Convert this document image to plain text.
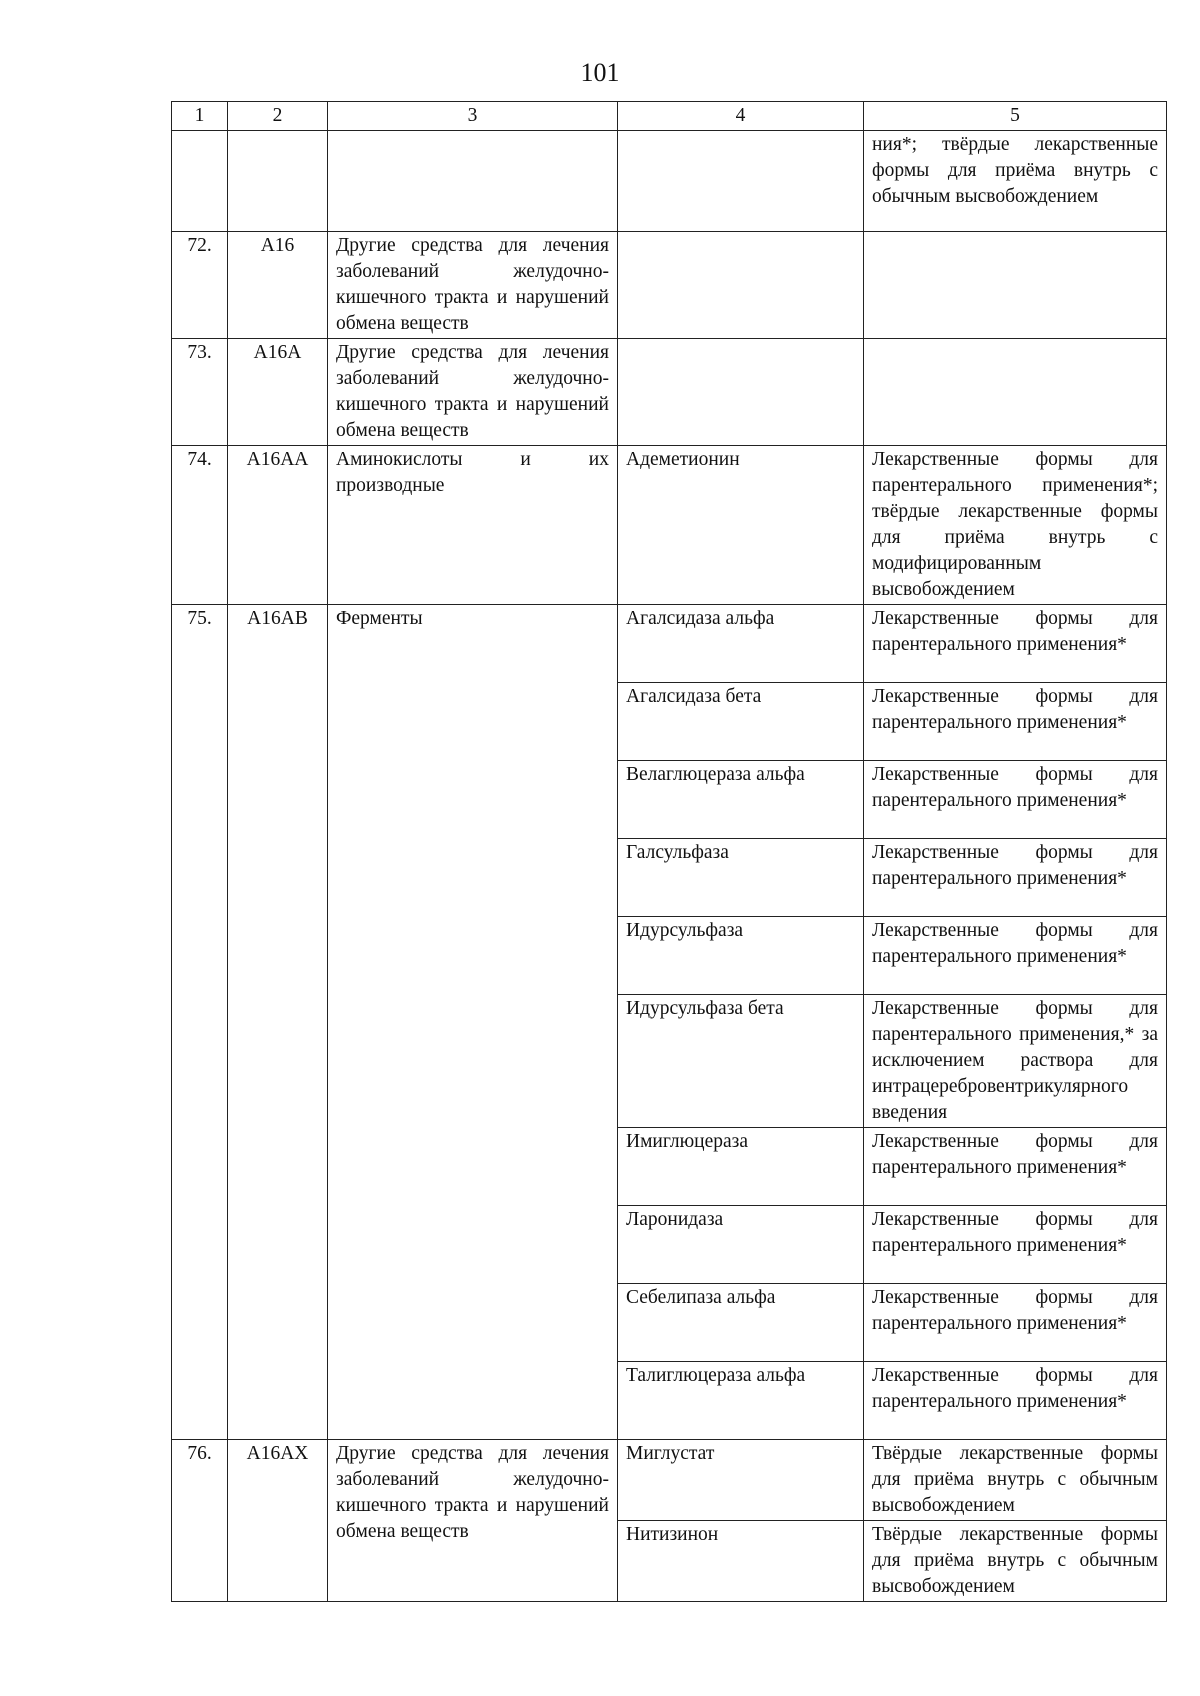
101
1	2	3	4	5
				ния*; твёрдые лекарственные формы для приёма внутрь с обычным высвобождением
72.	A16	Другие средства для лечения заболеваний желудочно-кишечного тракта и нарушений обмена веществ		
73.	A16A	Другие средства для лечения заболеваний желудочно-кишечного тракта и нарушений обмена веществ		
74.	A16AA	Аминокислоты и их производные	Адеметионин	Лекарственные формы для парентерального применения*; твёрдые лекарственные формы для приёма внутрь с модифицированным высвобождением
75.	A16AB	Ферменты	Агалсидаза альфа	Лекарственные формы для парентерального применения*
			Агалсидаза бета	Лекарственные формы для парентерального применения*
			Велаглюцераза альфа	Лекарственные формы для парентерального применения*
			Галсульфаза	Лекарственные формы для парентерального применения*
			Идурсульфаза	Лекарственные формы для парентерального применения*
			Идурсульфаза бета	Лекарственные формы для парентерального применения,* за исключением раствора для интрацеребровентрикулярного введения
			Имиглюцераза	Лекарственные формы для парентерального применения*
			Ларонидаза	Лекарственные формы для парентерального применения*
			Себелипаза альфа	Лекарственные формы для парентерального применения*
			Талиглюцераза альфа	Лекарственные формы для парентерального применения*
76.	A16AX	Другие средства для лечения заболеваний желудочно-кишечного тракта и нарушений обмена веществ	Миглустат	Твёрдые лекарственные формы для приёма внутрь с обычным высвобождением
			Нитизинон	Твёрдые лекарственные формы для приёма внутрь с обычным высвобождением
